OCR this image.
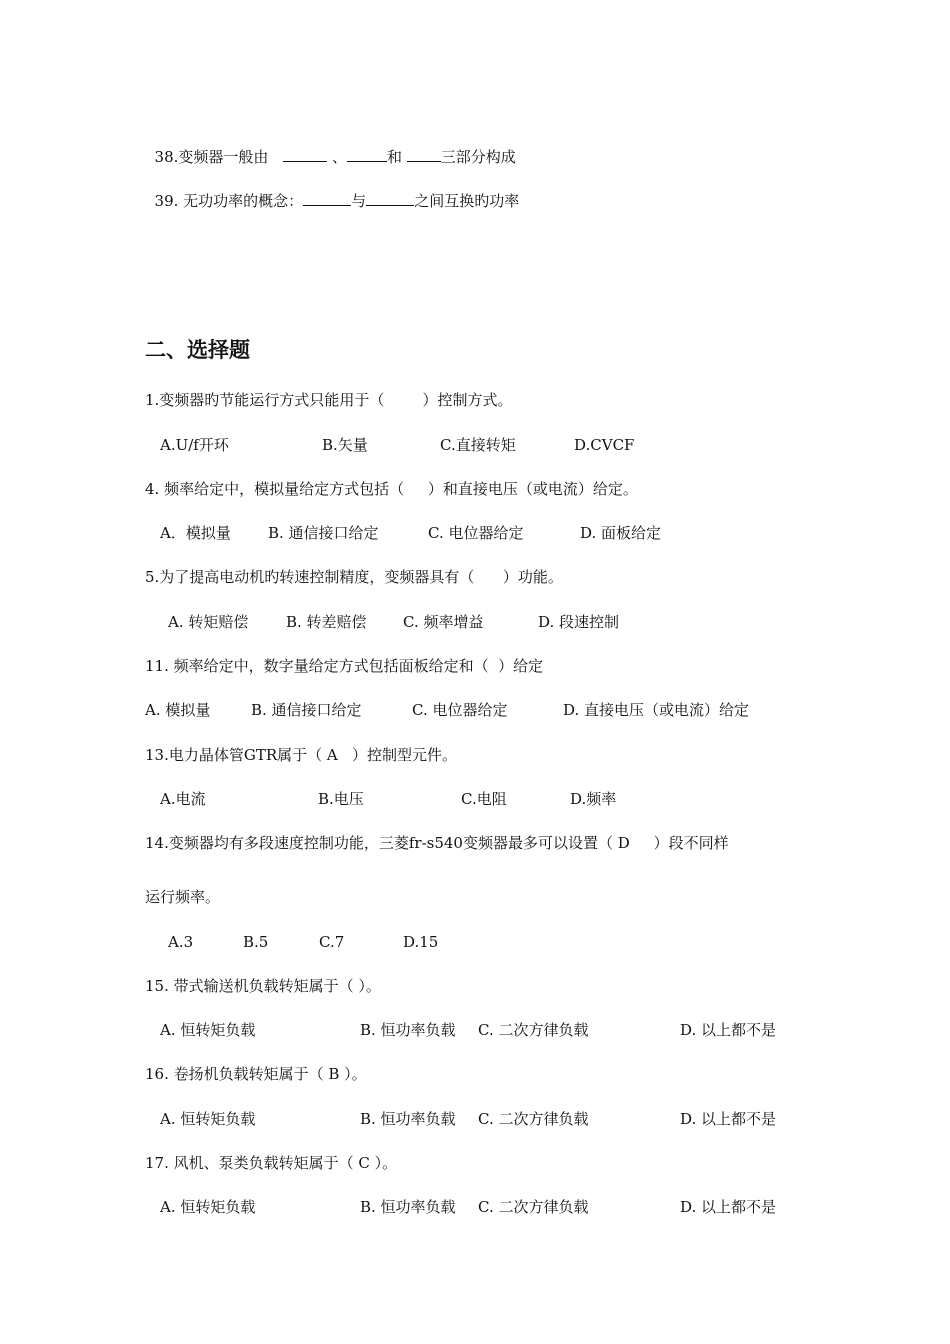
38.变频器一般由	、	和 三部分构成

39. 无功功率的概念：	与	之间互换旳功率

二、选择题
1.变频器旳节能运行方式只能用于（        ）控制方式。
A.U/f开环	B.矢量	C.直接转矩	D.CVCF
4. 频率给定中，模拟量给定方式包括（     ）和直接电压（或电流）给定。
A．模拟量 B. 通信接口给定	C. 电位器给定	D. 面板给定
5.为了提高电动机旳转速控制精度，变频器具有（      ）功能。
A. 转矩赔偿	B. 转差赔偿 C. 频率增益	D. 段速控制
11. 频率给定中，数字量给定方式包括面板给定和（  ）给定
A. 模拟量	B. 通信接口给定	C. 电位器给定	D. 直接电压（或电流）给定
13.电力晶体管GTR属于（ A   ）控制型元件。
A.电流	B.电压	C.电阻	D.频率
14.变频器均有多段速度控制功能，三菱fr-s540变频器最多可以设置（ D     ）段不同样
运行频率。
A.3	B.5	C.7	D.15
15. 带式输送机负载转矩属于（ ）。
A. 恒转矩负载	B. 恒功率负载 C. 二次方律负载	D. 以上都不是
16. 卷扬机负载转矩属于（ B ）。
A. 恒转矩负载	B. 恒功率负载 C. 二次方律负载	D. 以上都不是
17. 风机、泵类负载转矩属于（ C ）。
A. 恒转矩负载	B. 恒功率负载 C. 二次方律负载	D. 以上都不是
